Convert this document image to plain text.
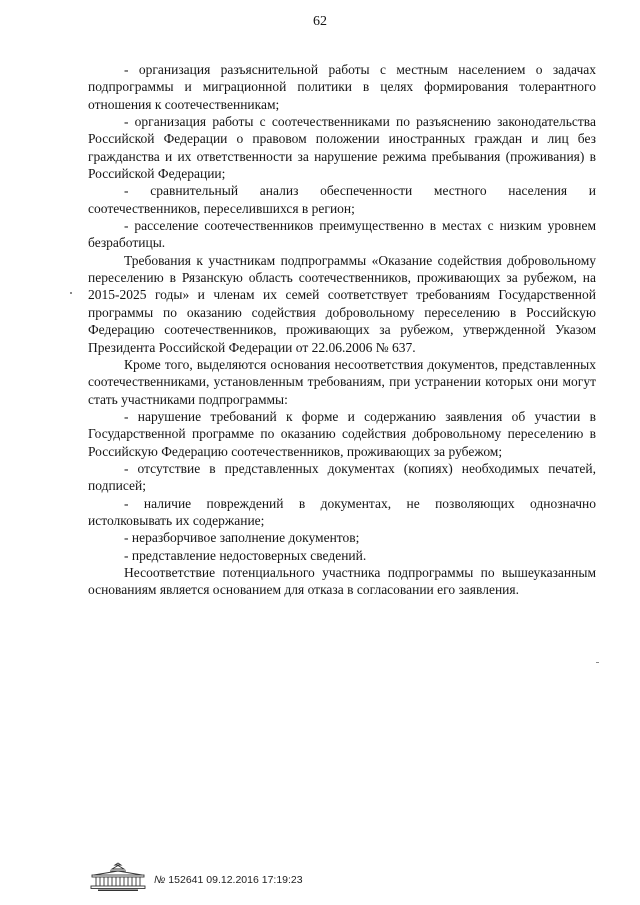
62

- организация разъяснительной работы с местным населением о задачах подпрограммы и миграционной политики в целях формирования толерантного отношения к соотечественникам;

- организация работы с соотечественниками по разъяснению законодательства Российской Федерации о правовом положении иностранных граждан и лиц без гражданства и их ответственности за нарушение режима пребывания (проживания) в Российской Федерации;

- сравнительный анализ обеспеченности местного населения и соотечественников, переселившихся в регион;

- расселение соотечественников преимущественно в местах с низким уровнем безработицы.

Требования к участникам подпрограммы «Оказание содействия добровольному переселению в Рязанскую область соотечественников, проживающих за рубежом, на 2015-2025 годы» и членам их семей соответствует требованиям Государственной программы по оказанию содействия добровольному переселению в Российскую Федерацию соотечественников, проживающих за рубежом, утвержденной Указом Президента Российской Федерации от 22.06.2006 № 637.

Кроме того, выделяются основания несоответствия документов, представленных соотечественниками, установленным требованиям, при устранении которых они могут стать участниками подпрограммы:

- нарушение требований к форме и содержанию заявления об участии в Государственной программе по оказанию содействия добровольному переселению в Российскую Федерацию соотечественников, проживающих за рубежом;

- отсутствие в представленных документах (копиях) необходимых печатей, подписей;

- наличие повреждений в документах, не позволяющих однозначно истолковывать их содержание;

- неразборчивое заполнение документов;

- представление недостоверных сведений.

Несоответствие потенциального участника подпрограммы по вышеуказанным основаниям является основанием для отказа в согласовании его заявления.

№ 152641 09.12.2016 17:19:23
